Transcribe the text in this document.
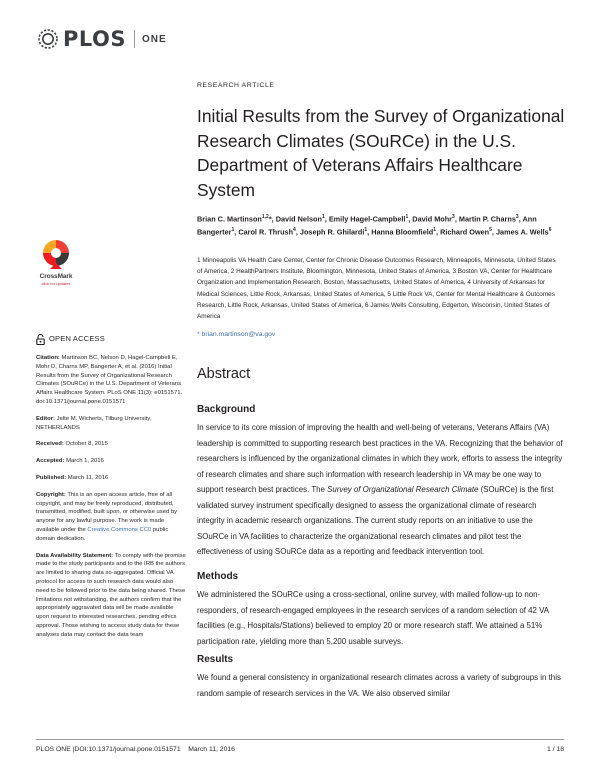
PLOS ONE
CrossMark
click for updates
OPEN ACCESS

Citation: Martinson BC, Nelson D, Hagel-Campbell E, Mohr D, Charns MP, Bangerter A, et al. (2016) Initial Results from the Survey of Organizational Research Climates (SOuRCe) in the U.S. Department of Veterans Affairs Healthcare System. PLoS ONE 11(3): e0151571. doi:10.1371/journal.pone.0151571

Editor: Jelte M. Wicherts, Tilburg University, NETHERLANDS

Received: October 8, 2015

Accepted: March 1, 2016

Published: March 11, 2016

Copyright: This is an open access article, free of all copyright, and may be freely reproduced, distributed, transmitted, modified, built upon, or otherwise used by anyone for any lawful purpose. The work is made available under the Creative Commons CC0 public domain dedication.

Data Availability Statement: To comply with the promise made to the study participants and to the IRB the authors are limited to sharing data so-aggregated. Official VA protocol for access to such research data would also need to be followed prior to the data being shared. These limitations not withstanding, the authors confirm that the appropriately aggravated data will be made available upon request to interested researches, pending ethics approval. Those wishing to access study data for these analyses data may contact the data team

RESEARCH ARTICLE
Initial Results from the Survey of Organizational Research Climates (SOuRCe) in the U.S. Department of Veterans Affairs Healthcare System

Brian C. Martinson$^{1,2}$*, David Nelson$^1$, Emily Hagel-Campbell$^1$, David Mohr$^3$, Martin P. Charns$^3$, Ann Bangerter$^1$, Carol R. Thrush$^4$, Joseph R. Ghilardi$^1$, Hanna Bloomfield$^1$, Richard Owen$^5$, James A. Wells$^6$

1 Minneapolis VA Health Care Center, Center for Chronic Disease Outcomes Research, Minneapolis, Minnesota, United States of America, 2 HealthPartners Institute, Bloomington, Minnesota, United States of America, 3 Boston VA, Center for Healthcare Organization and Implementation Research, Boston, Massachusetts, United States of America, 4 University of Arkansas for Medical Sciences, Little Rock, Arkansas, United States of America, 5 Little Rock VA, Center for Mental Healthcare & Outcomes Research, Little Rock, Arkansas, United States of America, 6 James Wells Consulting, Edgerton, Wisconsin, United States of America

* brian.martinson@va.gov
Abstract
Background

In service to its core mission of improving the health and well-being of veterans, Veterans Affairs (VA) leadership is committed to supporting research best practices in the VA. Recognizing that the behavior of researchers is influenced by the organizational climates in which they work, efforts to assess the integrity of research climates and share such information with research leadership in VA may be one way to support research best practices. The Survey of Organizational Research Climate (SOuRCe) is the first validated survey instrument specifically designed to assess the organizational climate of research integrity in academic research organizations. The current study reports on an initiative to use the SOuRCe in VA facilities to characterize the organizational research climates and pilot test the effectiveness of using SOuRCe data as a reporting and feedback intervention tool.

Methods

We administered the SOuRCe using a cross-sectional, online survey, with mailed follow-up to non-responders, of research-engaged employees in the research services of a random selection of 42 VA facilities (e.g., Hospitals/Stations) believed to employ 20 or more research staff. We attained a 51% participation rate, yielding more than 5,200 usable surveys.

Results

We found a general consistency in organizational research climates across a variety of subgroups in this random sample of research services in the VA. We also observed similar

PLOS ONE |DOI:10.1371/journal.pone.0151571 March 11, 2016	1 / 18
